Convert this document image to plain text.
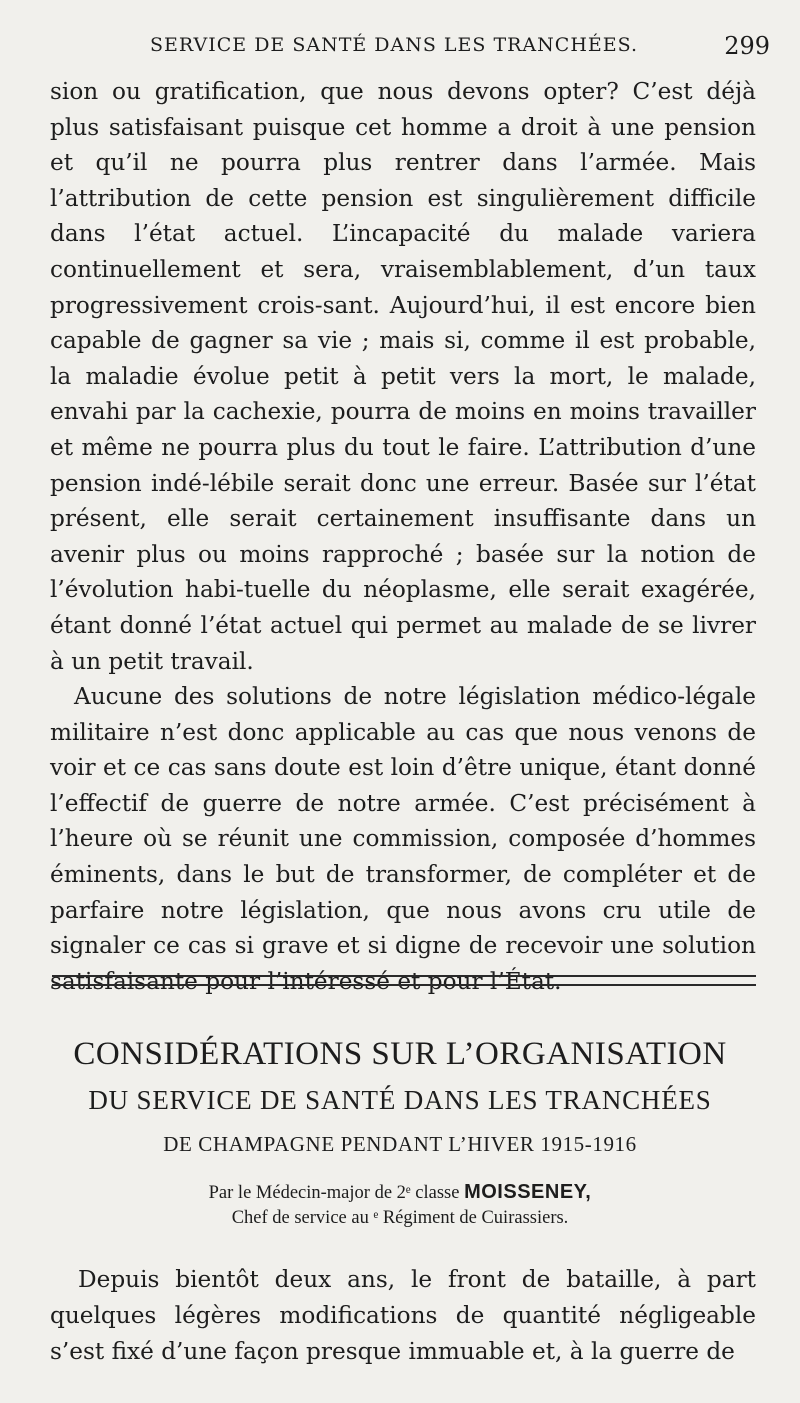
SERVICE DE SANTÉ DANS LES TRANCHÉES.	299

sion ou gratification, que nous devons opter? C’est déjà plus satisfaisant puisque cet homme a droit à une pension et qu’il ne pourra plus rentrer dans l’armée. Mais l’attribution de cette pension est singulièrement difficile dans l’état actuel. L’incapacité du malade variera continuellement et sera, vraisemblablement, d’un taux progressivement crois-sant. Aujourd’hui, il est encore bien capable de gagner sa vie ; mais si, comme il est probable, la maladie évolue petit à petit vers la mort, le malade, envahi par la cachexie, pourra de moins en moins travailler et même ne pourra plus du tout le faire. L’attribution d’une pension indé-lébile serait donc une erreur. Basée sur l’état présent, elle serait certainement insuffisante dans un avenir plus ou moins rapproché ; basée sur la notion de l’évolution habi-tuelle du néoplasme, elle serait exagérée, étant donné l’état actuel qui permet au malade de se livrer à un petit travail.

Aucune des solutions de notre législation médico-légale militaire n’est donc applicable au cas que nous venons de voir et ce cas sans doute est loin d’être unique, étant donné l’effectif de guerre de notre armée. C’est précisément à l’heure où se réunit une commission, composée d’hommes éminents, dans le but de transformer, de compléter et de parfaire notre législation, que nous avons cru utile de signaler ce cas si grave et si digne de recevoir une solution satisfaisante pour l’intéressé et pour l’État.

CONSIDÉRATIONS SUR L’ORGANISATION
DU SERVICE DE SANTÉ DANS LES TRANCHÉES
DE CHAMPAGNE PENDANT L’HIVER 1915-1916
Par le Médecin-major de 2ᵉ classe MOISSENEY,
Chef de service au ᵉ Régiment de Cuirassiers.

Depuis bientôt deux ans, le front de bataille, à part quelques légères modifications de quantité négligeable s’est fixé d’une façon presque immuable et, à la guerre de
